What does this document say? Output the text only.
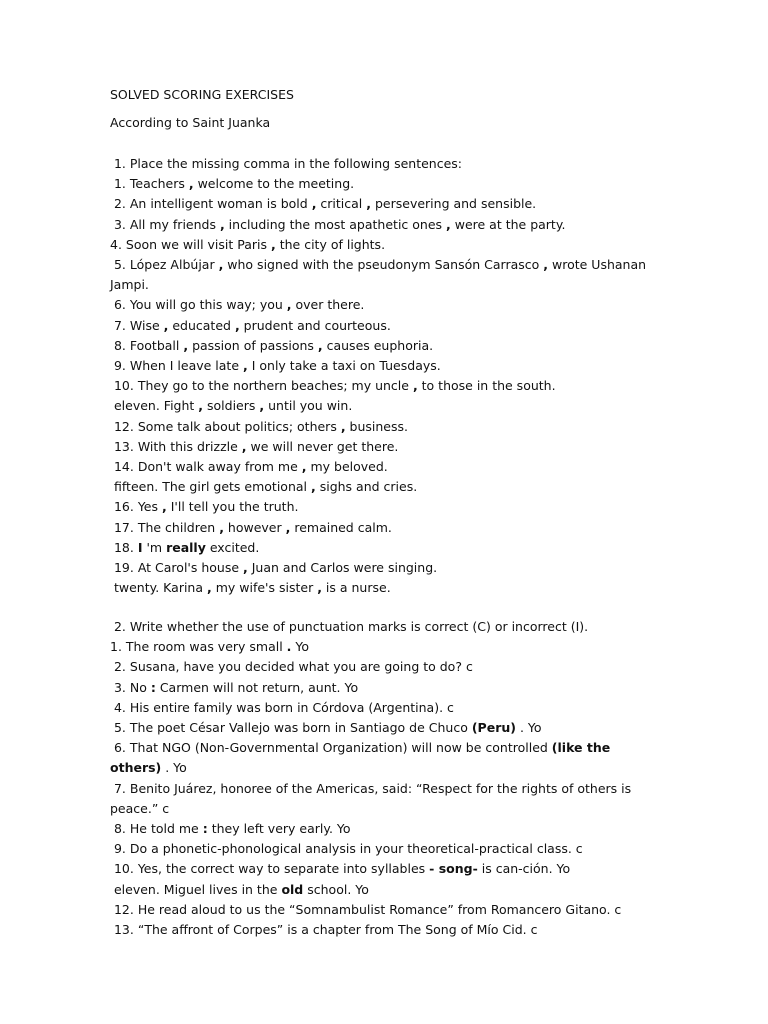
SOLVED SCORING EXERCISES
According to Saint Juanka
1. Place the missing comma in the following sentences:
1. Teachers , welcome to the meeting.
2. An intelligent woman is bold , critical , persevering and sensible.
3. All my friends , including the most apathetic ones , were at the party.
4. Soon we will visit Paris , the city of lights.
5. López Albújar , who signed with the pseudonym Sansón Carrasco , wrote Ushanan Jampi.
6. You will go this way; you , over there.
7. Wise , educated , prudent and courteous.
8. Football , passion of passions , causes euphoria.
9. When I leave late , I only take a taxi on Tuesdays.
10. They go to the northern beaches; my uncle , to those in the south.
eleven. Fight , soldiers , until you win.
12. Some talk about politics; others , business.
13. With this drizzle , we will never get there.
14. Don't walk away from me , my beloved.
fifteen. The girl gets emotional , sighs and cries.
16. Yes , I'll tell you the truth.
17. The children , however , remained calm.
18. I 'm really excited.
19. At Carol's house , Juan and Carlos were singing.
twenty. Karina , my wife's sister , is a nurse.
2. Write whether the use of punctuation marks is correct (C) or incorrect (I).
1. The room was very small . Yo
2. Susana, have you decided what you are going to do? c
3. No : Carmen will not return, aunt. Yo
4. His entire family was born in Córdova (Argentina). c
5. The poet César Vallejo was born in Santiago de Chuco (Peru) . Yo
6. That NGO (Non-Governmental Organization) will now be controlled (like the others) . Yo
7. Benito Juárez, honoree of the Americas, said: “Respect for the rights of others is peace.” c
8. He told me : they left very early. Yo
9. Do a phonetic-phonological analysis in your theoretical-practical class. c
10. Yes, the correct way to separate into syllables - song- is can-ción. Yo
eleven. Miguel lives in the old school. Yo
12. He read aloud to us the “Somnambulist Romance” from Romancero Gitano. c
13. “The affront of Corpes” is a chapter from The Song of Mío Cid. c
